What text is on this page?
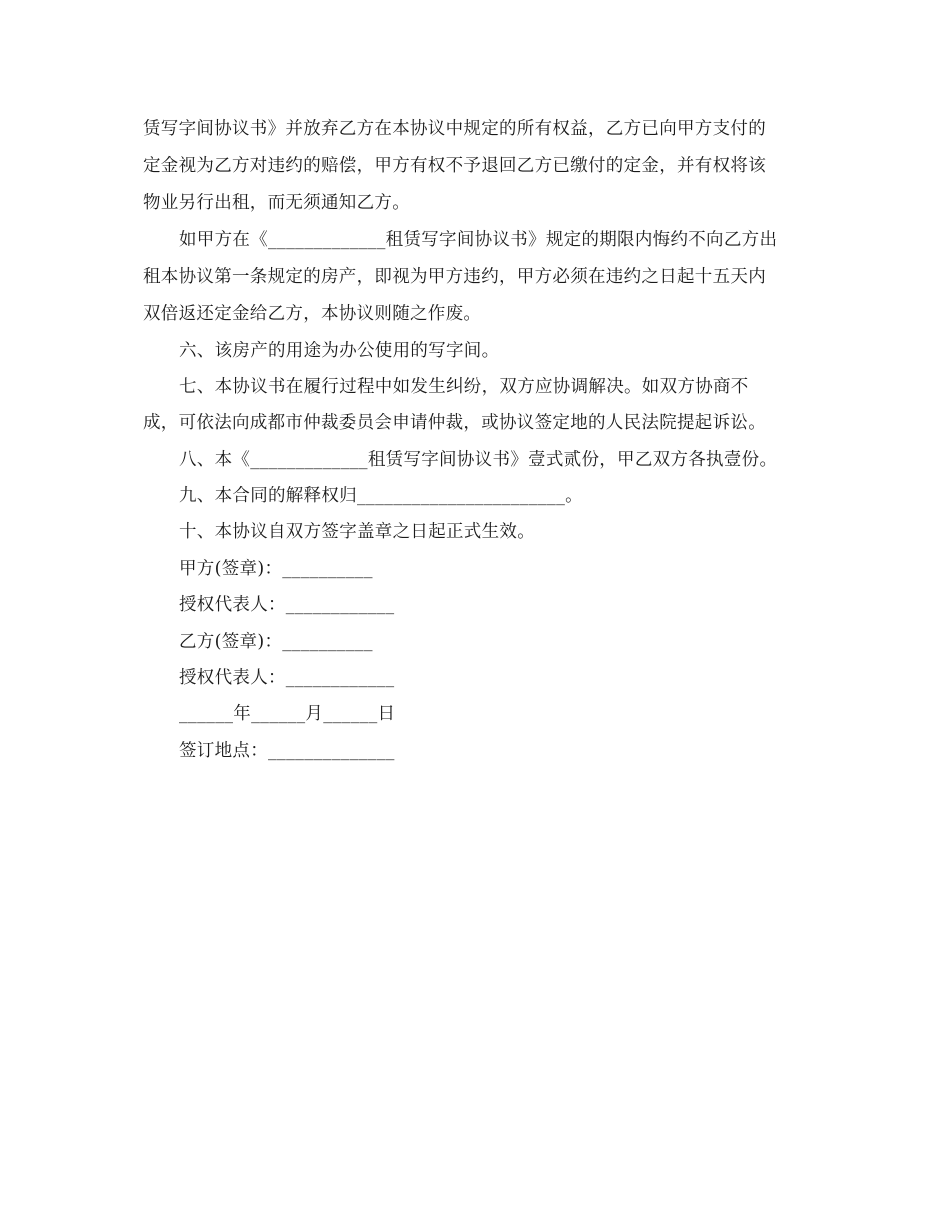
赁写字间协议书》并放弃乙方在本协议中规定的所有权益，乙方已向甲方支付的
定金视为乙方对违约的赔偿，甲方有权不予退回乙方已缴付的定金，并有权将该
物业另行出租，而无须通知乙方。
如甲方在《_____________租赁写字间协议书》规定的期限内悔约不向乙方出
租本协议第一条规定的房产，即视为甲方违约，甲方必须在违约之日起十五天内
双倍返还定金给乙方，本协议则随之作废。
六、该房产的用途为办公使用的写字间。
七、本协议书在履行过程中如发生纠纷，双方应协调解决。如双方协商不
成，可依法向成都市仲裁委员会申请仲裁，或协议签定地的人民法院提起诉讼。
八、本《_____________租赁写字间协议书》壹式贰份，甲乙双方各执壹份。
九、本合同的解释权归_______________________。
十、本协议自双方签字盖章之日起正式生效。
甲方(签章)：__________
授权代表人：____________
乙方(签章)：__________
授权代表人：____________
______年______月______日
签订地点：______________
